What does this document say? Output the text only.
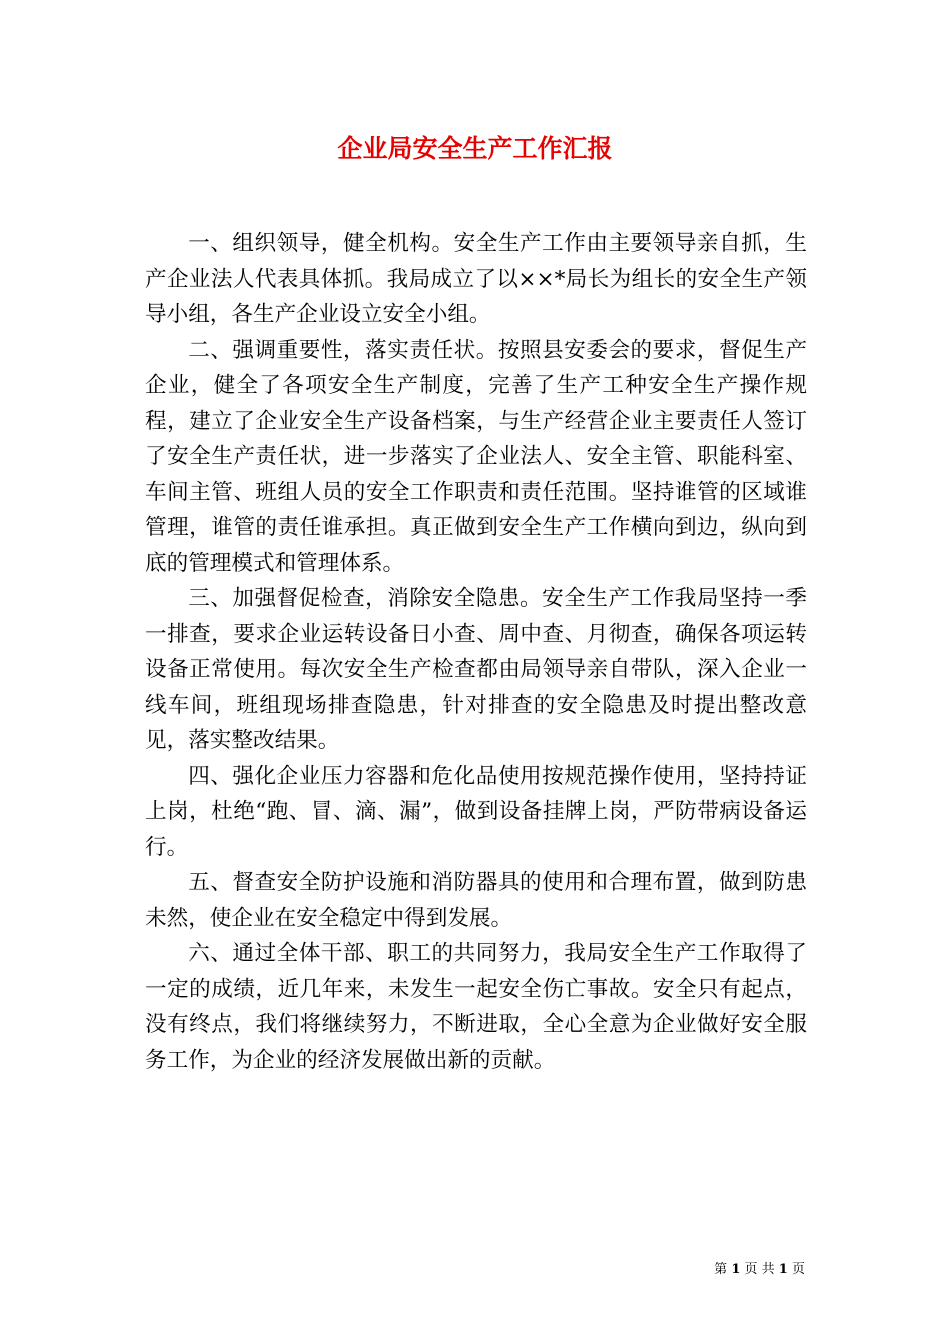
企业局安全生产工作汇报

一、组织领导，健全机构。安全生产工作由主要领导亲自抓，生产企业法人代表具体抓。我局成立了以××*局长为组长的安全生产领导小组，各生产企业设立安全小组。

二、强调重要性，落实责任状。按照县安委会的要求，督促生产企业，健全了各项安全生产制度，完善了生产工种安全生产操作规程，建立了企业安全生产设备档案，与生产经营企业主要责任人签订了安全生产责任状，进一步落实了企业法人、安全主管、职能科室、车间主管、班组人员的安全工作职责和责任范围。坚持谁管的区域谁管理，谁管的责任谁承担。真正做到安全生产工作横向到边，纵向到底的管理模式和管理体系。

三、加强督促检查，消除安全隐患。安全生产工作我局坚持一季一排查，要求企业运转设备日小查、周中查、月彻查，确保各项运转设备正常使用。每次安全生产检查都由局领导亲自带队，深入企业一线车间，班组现场排查隐患，针对排查的安全隐患及时提出整改意见，落实整改结果。

四、强化企业压力容器和危化品使用按规范操作使用，坚持持证上岗，杜绝“跑、冒、滴、漏”，做到设备挂牌上岗，严防带病设备运行。

五、督查安全防护设施和消防器具的使用和合理布置，做到防患未然，使企业在安全稳定中得到发展。

六、通过全体干部、职工的共同努力，我局安全生产工作取得了一定的成绩，近几年来，未发生一起安全伤亡事故。安全只有起点，没有终点，我们将继续努力，不断进取，全心全意为企业做好安全服务工作，为企业的经济发展做出新的贡献。

第 1 页 共 1 页
